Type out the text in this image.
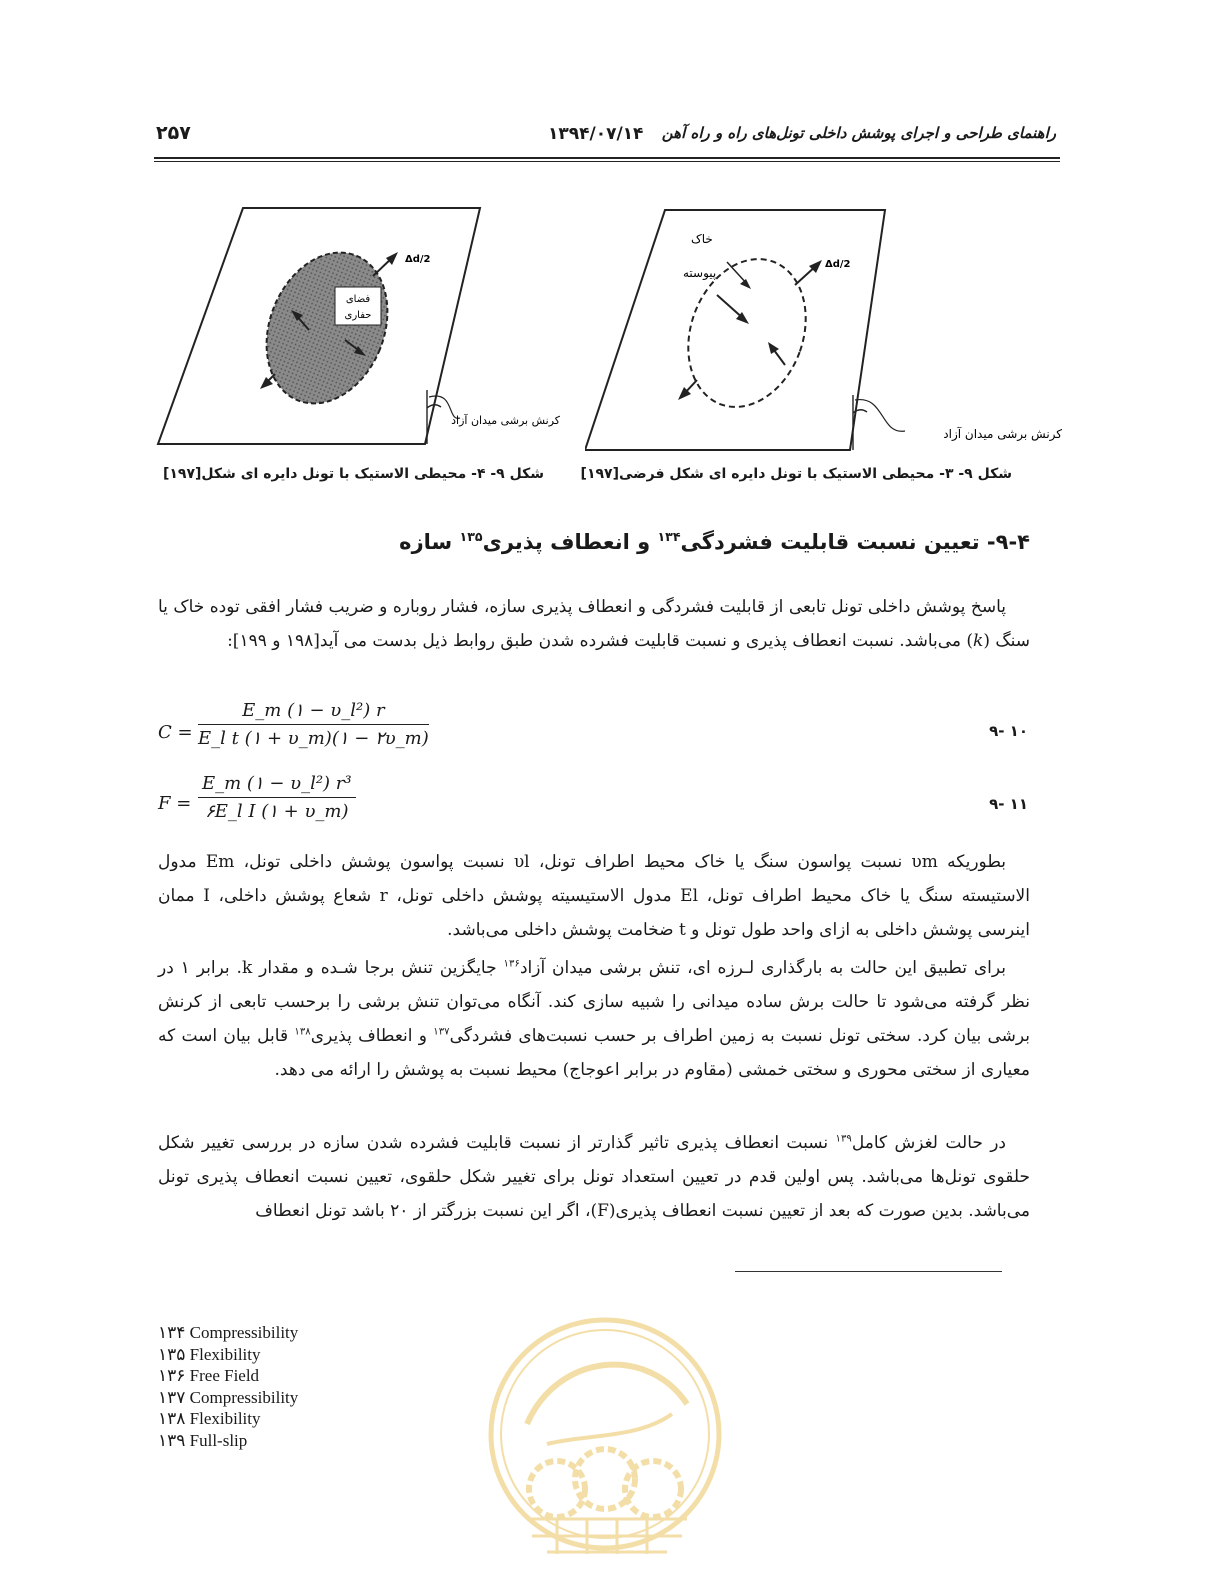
راهنمای طراحی و اجرای پوشش داخلی تونل‌های راه و راه آهن
۱۳۹۴/۰۷/۱۴
۲۵۷
خاک
پیوسته
Δd/2
کرنش برشی میدان آزاد
فضای
حفاری
Δd/2
کرنش برشی میدان آزاد
شکل ۹- ۳- محیطی الاستیک با تونل دایره ای شکل فرضی[۱۹۷]
شکل ۹- ۴- محیطی الاستیک با تونل دایره ای شکل[۱۹۷]
۹-۴- تعیین نسبت قابلیت فشردگی$^{۱۳۴}$ و انعطاف پذیری$^{۱۳۵}$ سازه
پاسخ پوشش داخلی تونل تابعی از قابلیت فشردگی و انعطاف پذیری سازه، فشار روباره و ضریب فشار افقی توده خاک یا سنگ (k) می‌باشد. نسبت انعطاف پذیری و نسبت قابلیت فشرده شدن طبق روابط ذیل بدست می آید[۱۹۸ و ۱۹۹]:
$C = \frac{\text{E\_m (۱ − υ\_l²) r}}{\text{E\_l t (۱ + υ\_m)(۱ − ۲υ\_m)}}$	۹- ۱۰
$F = \frac{\text{E\_m (۱ − υ\_l²) r³}}{\text{۶E\_l I (۱ + υ\_m)}}$	۹- ۱۱
بطوریکه υm نسبت پواسون سنگ یا خاک محیط اطراف تونل، υl نسبت پواسون پوشش داخلی تونل، Em مدول الاستیسته سنگ یا خاک محیط اطراف تونل، El مدول الاستیسیته پوشش داخلی تونل، r شعاع پوشش داخلی، I ممان اینرسی پوشش داخلی به ازای واحد طول تونل و t ضخامت پوشش داخلی می‌باشد.
برای تطبیق این حالت به بارگذاری لـرزه ای، تنش برشی میدان آزاد$^{۱۳۶}$ جایگزین تنش برجا شـده و مقدار k. برابر ۱ در نظر گرفته می‌شود تا حالت برش ساده میدانی را شبیه سازی کند. آنگاه می‌توان تنش برشی را برحسب تابعی از کرنش برشی بیان کرد. سختی تونل نسبت به زمین اطراف بر حسب نسبت‌های فشردگی$^{۱۳۷}$ و انعطاف پذیری$^{۱۳۸}$ قابل بیان است که معیاری از سختی محوری و سختی خمشی (مقاوم در برابر اعوجاج) محیط نسبت به پوشش را ارائه می دهد.
در حالت لغزش کامل$^{۱۳۹}$ نسبت انعطاف پذیری تاثیر گذارتر از نسبت قابلیت فشرده شدن سازه در بررسی تغییر شکل حلقوی تونل‌ها می‌باشد. پس اولین قدم در تعیین استعداد تونل برای تغییر شکل حلقوی، تعیین نسبت انعطاف پذیری تونل می‌باشد. بدین صورت که بعد از تعیین نسبت انعطاف پذیری(F)، اگر این نسبت بزرگتر از ۲۰ باشد تونل انعطاف
۱۳۴ Compressibility
۱۳۵ Flexibility
۱۳۶ Free Field
۱۳۷ Compressibility
۱۳۸ Flexibility
۱۳۹ Full-slip
